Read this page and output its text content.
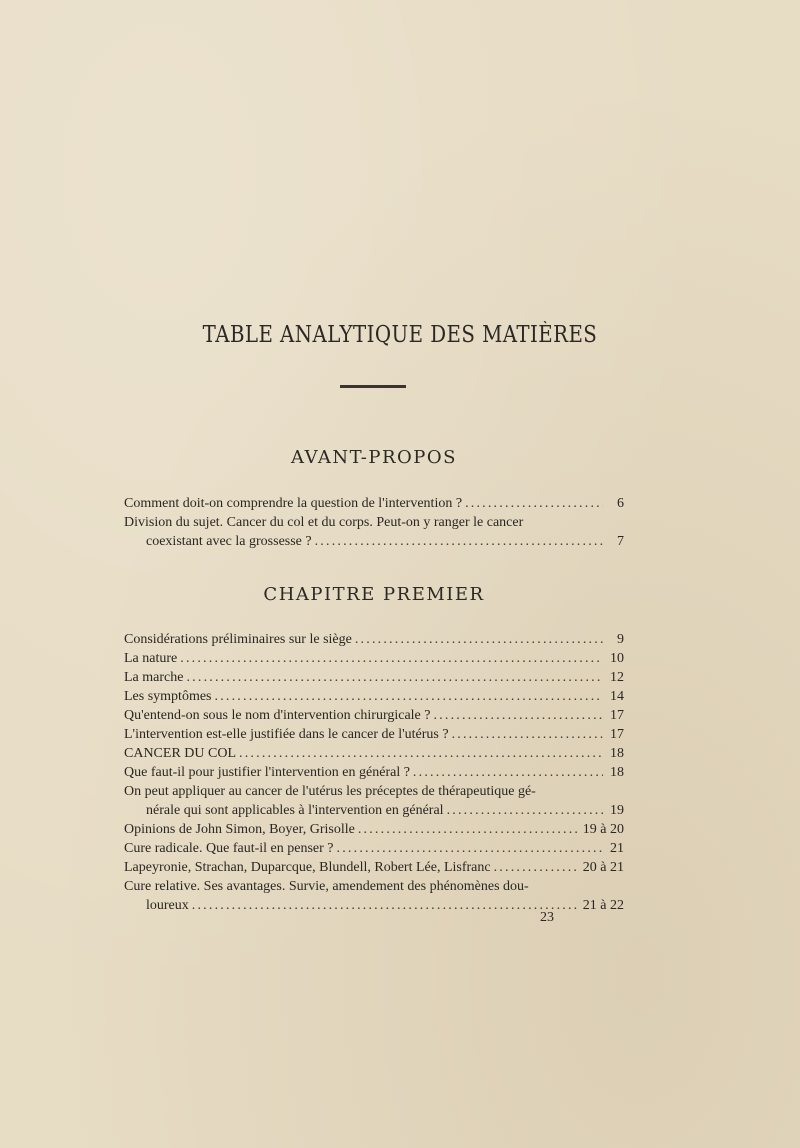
TABLE ANALYTIQUE DES MATIÈRES
AVANT-PROPOS
Comment doit-on comprendre la question de l'intervention ? .....	6
Division du sujet. Cancer du col et du corps. Peut-on y ranger le cancer
coexistant avec la grossesse ? .....	7
CHAPITRE PREMIER
Considérations préliminaires sur le siège .....	9
La nature .....	10
La marche .....	12
Les symptômes .....	14
Qu'entend-on sous le nom d'intervention chirurgicale ? .....	17
L'intervention est-elle justifiée dans le cancer de l'utérus ? .....	17
CANCER DU COL .....	18
Que faut-il pour justifier l'intervention en général ? .....	18
On peut appliquer au cancer de l'utérus les préceptes de thérapeutique gé-
nérale qui sont applicables à l'intervention en général .....	19
Opinions de John Simon, Boyer, Grisolle .....	19 à 20
Cure radicale. Que faut-il en penser ? .....	21
Lapeyronie, Strachan, Duparcque, Blundell, Robert Lée, Lisfranc .....	20 à 21
Cure relative. Ses avantages. Survie, amendement des phénomènes dou-
loureux .....	21 à 22
23
